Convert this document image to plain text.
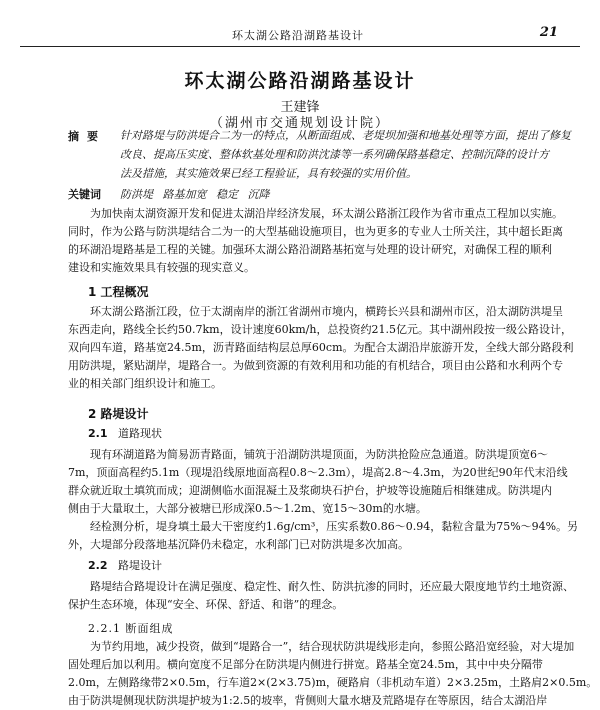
环太湖公路沿湖路基设计	21
环太湖公路沿湖路基设计
王建锋
（湖州市交通规划设计院）
摘要 针对路堤与防洪堤合二为一的特点，从断面组成、老堤坝加强和地基处理等方面，提出了修复
改良、提高压实度、整体软基处理和防洪沈漆等一系列确保路基稳定、控制沉降的设计方
法及措施，其实施效果已经工程验证，具有较强的实用价值。
关键词 防洪堤 路基加宽 稳定 沉降
为加快南太湖资源开发和促进太湖沿岸经济发展，环太湖公路浙江段作为省市重点工程加以实施。
同时，作为公路与防洪堤结合二为一的大型基础设施项目，也为更多的专业人士所关注，其中超长距离
的环湖沿堤路基是工程的关键。加强环太湖公路沿湖路基拓宽与处理的设计研究，对确保工程的顺利
建设和实施效果具有较强的现实意义。
1 工程概况
环太湖公路浙江段，位于太湖南岸的浙江省湖州市境内，横跨长兴县和湖州市区，沿太湖防洪堤呈
东西走向，路线全长约50.7km，设计速度60km/h，总投资约21.5亿元。其中湖州段按一级公路设计，
双向四车道，路基宽24.5m，沥青路面结构层总厚60cm。为配合太湖沿岸旅游开发，全线大部分路段利
用防洪堤，紧贴湖岸，堤路合一。为做到资源的有效利用和功能的有机结合，项目由公路和水利两个专
业的相关部门组织设计和施工。
2 路堤设计
2.1 道路现状
现有环湖道路为简易沥青路面，铺筑于沿湖防洪堤顶面，为防洪抢险应急通道。防洪堤顶宽6～
7m，顶面高程约5.1m（现堤沿线原地面高程0.8～2.3m），堤高2.8～4.3m，为20世纪90年代末沿线
群众就近取土填筑而成；迎湖侧临水面混凝土及浆砌块石护台，护坡等设施随后相继建成。防洪堤内
侧由于大量取土，大部分被塘已形成深0.5～1.2m、宽15～30m的水塘。
经检测分析，堤身填土最大干密度约1.6g/cm³，压实系数0.86～0.94，黏粒含量为75%～94%。另
外，大堤部分段落地基沉降仍未稳定，水利部门已对防洪堤多次加高。
2.2 路堤设计
路堤结合路堤设计在满足强度、稳定性、耐久性、防洪抗渗的同时，还应最大限度地节约土地资源、
保护生态环境，体现“安全、环保、舒适、和谐”的理念。
2.2.1 断面组成
为节约用地，减少投资，做到“堤路合一”，结合现状防洪堤线形走向，参照公路沿宽经验，对大堤加
固处理后加以利用。横向宽度不足部分在防洪堤内侧进行拼宽。路基全宽24.5m，其中中央分隔带
2.0m，左侧路缘带2×0.5m，行车道2×(2×3.75)m，硬路肩（非机动车道）2×3.25m，土路肩2×0.5m。
由于防洪堤侧现状防洪堤护坡为1:2.5的坡率，背侧则大量水塘及荒路堤存在等原因，结合太湖沿岸
